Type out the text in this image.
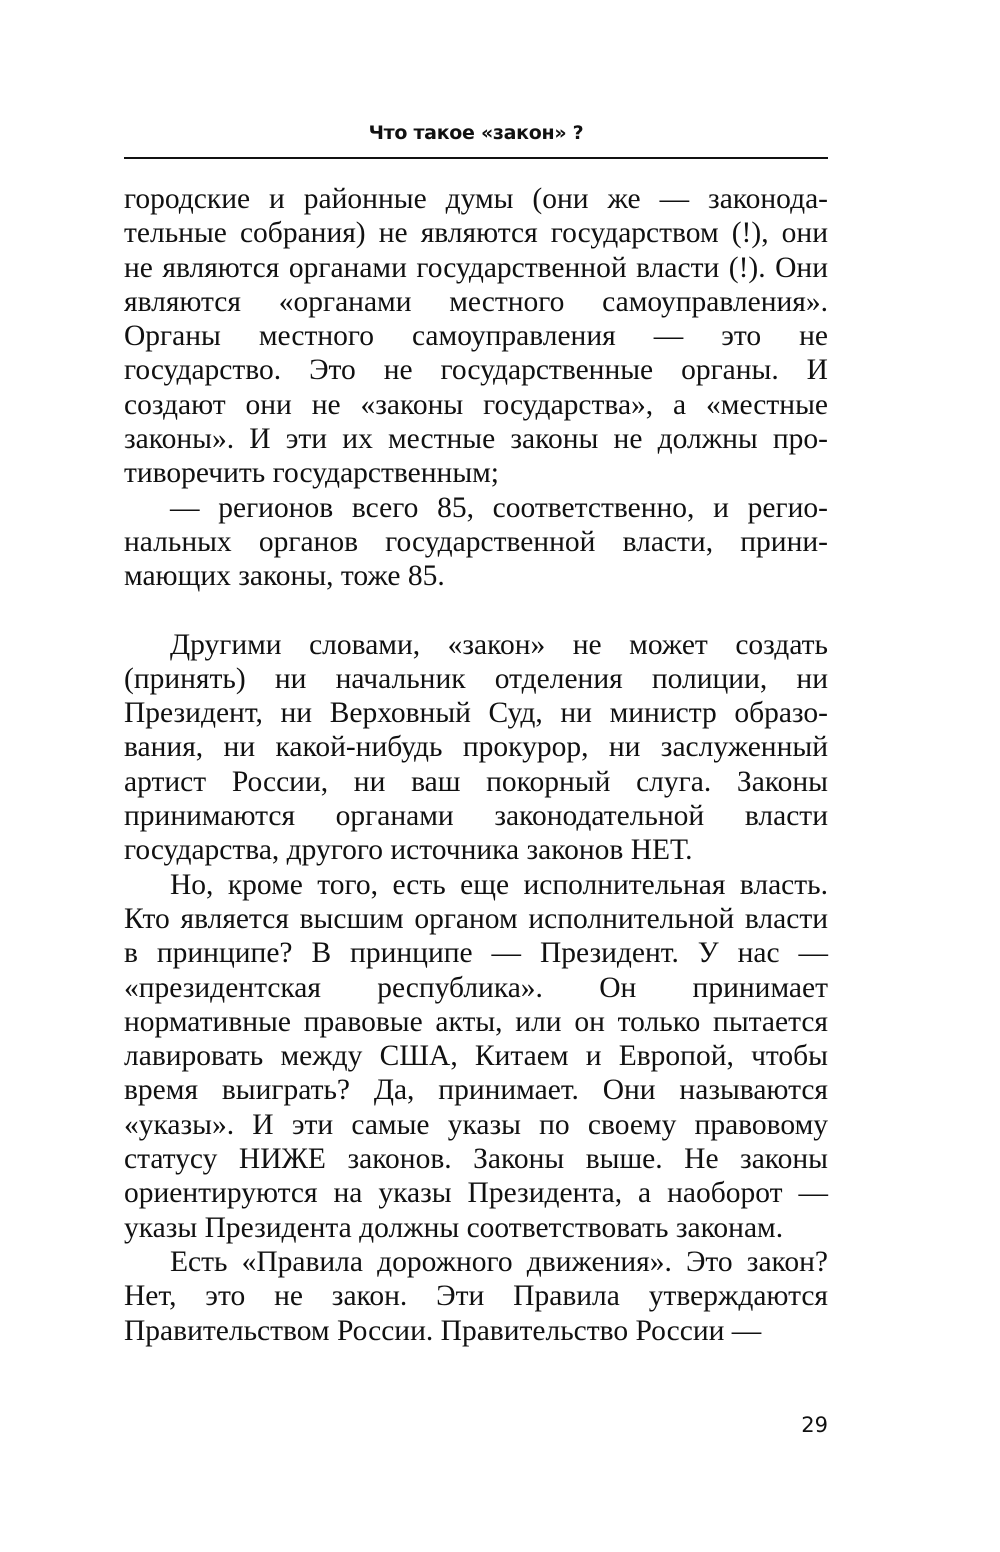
Что такое «закон» ?

городские и районные думы (они же — законодательные собрания) не являются государством (!), они не являются органами государственной власти (!). Они являются «органами местного самоуправления». Органы местного самоуправления — это не государство. Это не государственные органы. И создают они не «законы государства», а «местные законы». И эти их местные законы не должны противоречить государственным;

— регионов всего 85, соответственно, и региональных органов государственной власти, принимающих законы, тоже 85.

Другими словами, «закон» не может создать (принять) ни начальник отделения полиции, ни Президент, ни Верховный Суд, ни министр образования, ни какой-нибудь прокурор, ни заслуженный артист России, ни ваш покорный слуга. Законы принимаются органами законодательной власти государства, другого источника законов НЕТ.

Но, кроме того, есть еще исполнительная власть. Кто является высшим органом исполнительной власти в принципе? В принципе — Президент. У нас — «президентская республика». Он принимает нормативные правовые акты, или он только пытается лавировать между США, Китаем и Европой, чтобы время выиграть? Да, принимает. Они называются «указы». И эти самые указы по своему правовому статусу НИЖЕ законов. Законы выше. Не законы ориентируются на указы Президента, а наоборот — указы Президента должны соответствовать законам.

Есть «Правила дорожного движения». Это закон? Нет, это не закон. Эти Правила утверждаются Правительством России. Правительство России —

29
